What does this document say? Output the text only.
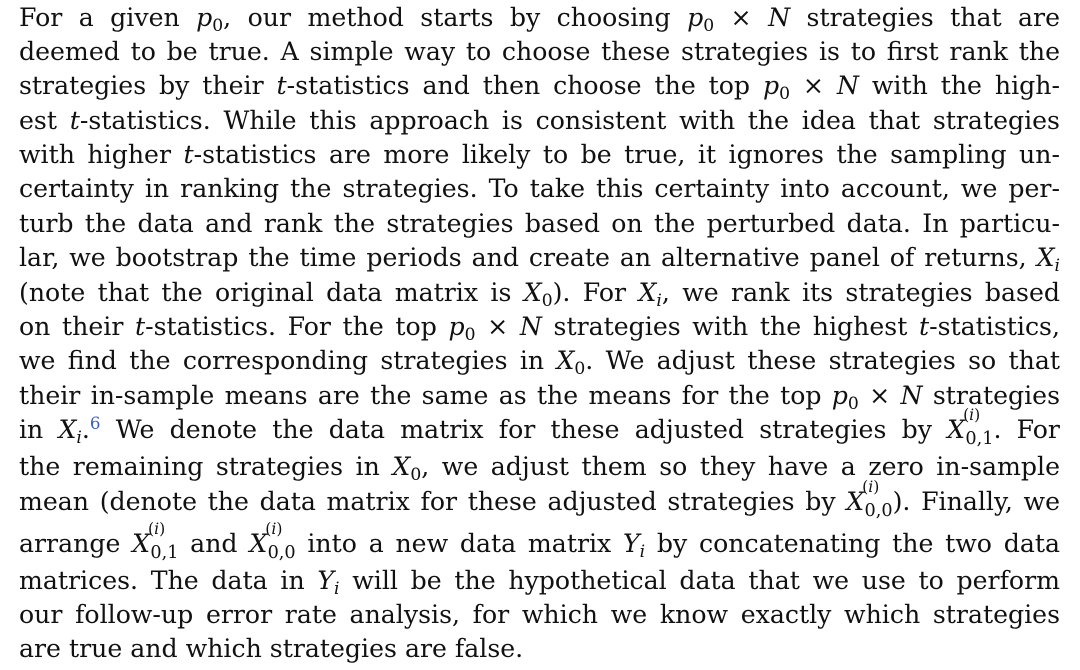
For a given $p_0$, our method starts by choosing $p_0 \times N$ strategies that are
deemed to be true. A simple way to choose these strategies is to first rank the
strategies by their t-statistics and then choose the top $p_0 \times N$ with the high-
est t-statistics. While this approach is consistent with the idea that strategies
with higher t-statistics are more likely to be true, it ignores the sampling un-
certainty in ranking the strategies. To take this certainty into account, we per-
turb the data and rank the strategies based on the perturbed data. In particu-
lar, we bootstrap the time periods and create an alternative panel of returns, $X_i$
(note that the original data matrix is $X_0$). For $X_i$, we rank its strategies based
on their t-statistics. For the top $p_0 \times N$ strategies with the highest t-statistics,
we find the corresponding strategies in $X_0$. We adjust these strategies so that
their in-sample means are the same as the means for the top $p_0 \times N$ strategies
in $X_i.^6$ We denote the data matrix for these adjusted strategies by X
(i)
0,1. For
the remaining strategies in $X_0$, we adjust them so they have a zero in-sample
mean (denote the data matrix for these adjusted strategies by X
(i)
0,0). Finally, we
arrange X
(i)
0,1 and X
(i)
0,0 into a new data matrix $Y_i$ by concatenating the two data
matrices. The data in $Y_i$ will be the hypothetical data that we use to perform
our follow-up error rate analysis, for which we know exactly which strategies
are true and which strategies are false.
